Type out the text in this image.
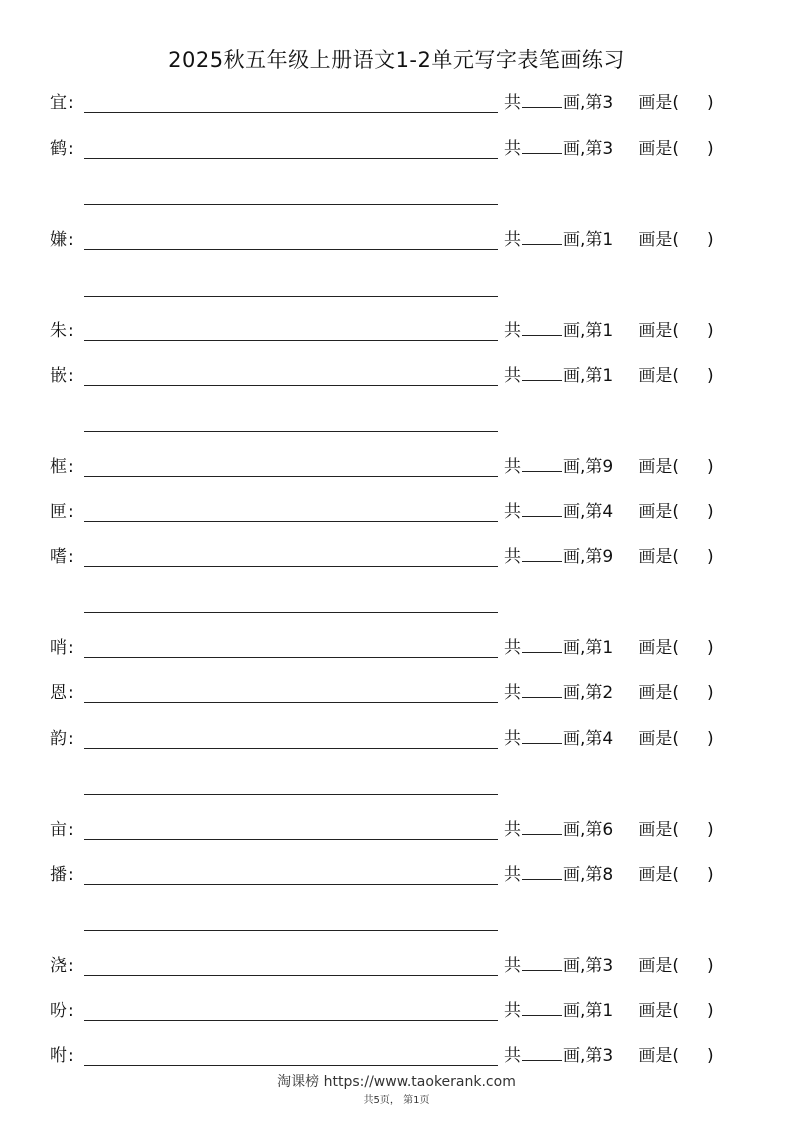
2025秋五年级上册语文1-2单元写字表笔画练习
宜 :	共 画,第3 画是( )
鹤 :	共 画,第3 画是( )
嫌 :	共 画,第1 画是( )
朱 :	共 画,第1 画是( )
嵌 :	共 画,第1 画是( )
框 :	共 画,第9 画是( )
匣 :	共 画,第4 画是( )
嗜 :	共 画,第9 画是( )
哨 :	共 画,第1 画是( )
恩 :	共 画,第2 画是( )
韵 :	共 画,第4 画是( )
亩 :	共 画,第6 画是( )
播 :	共 画,第8 画是( )
浇 :	共 画,第3 画是( )
吩 :	共 画,第1 画是( )
咐 :	共 画,第3 画是( )
淘课榜 https://www.taokerank.com
共5页， 第1页
